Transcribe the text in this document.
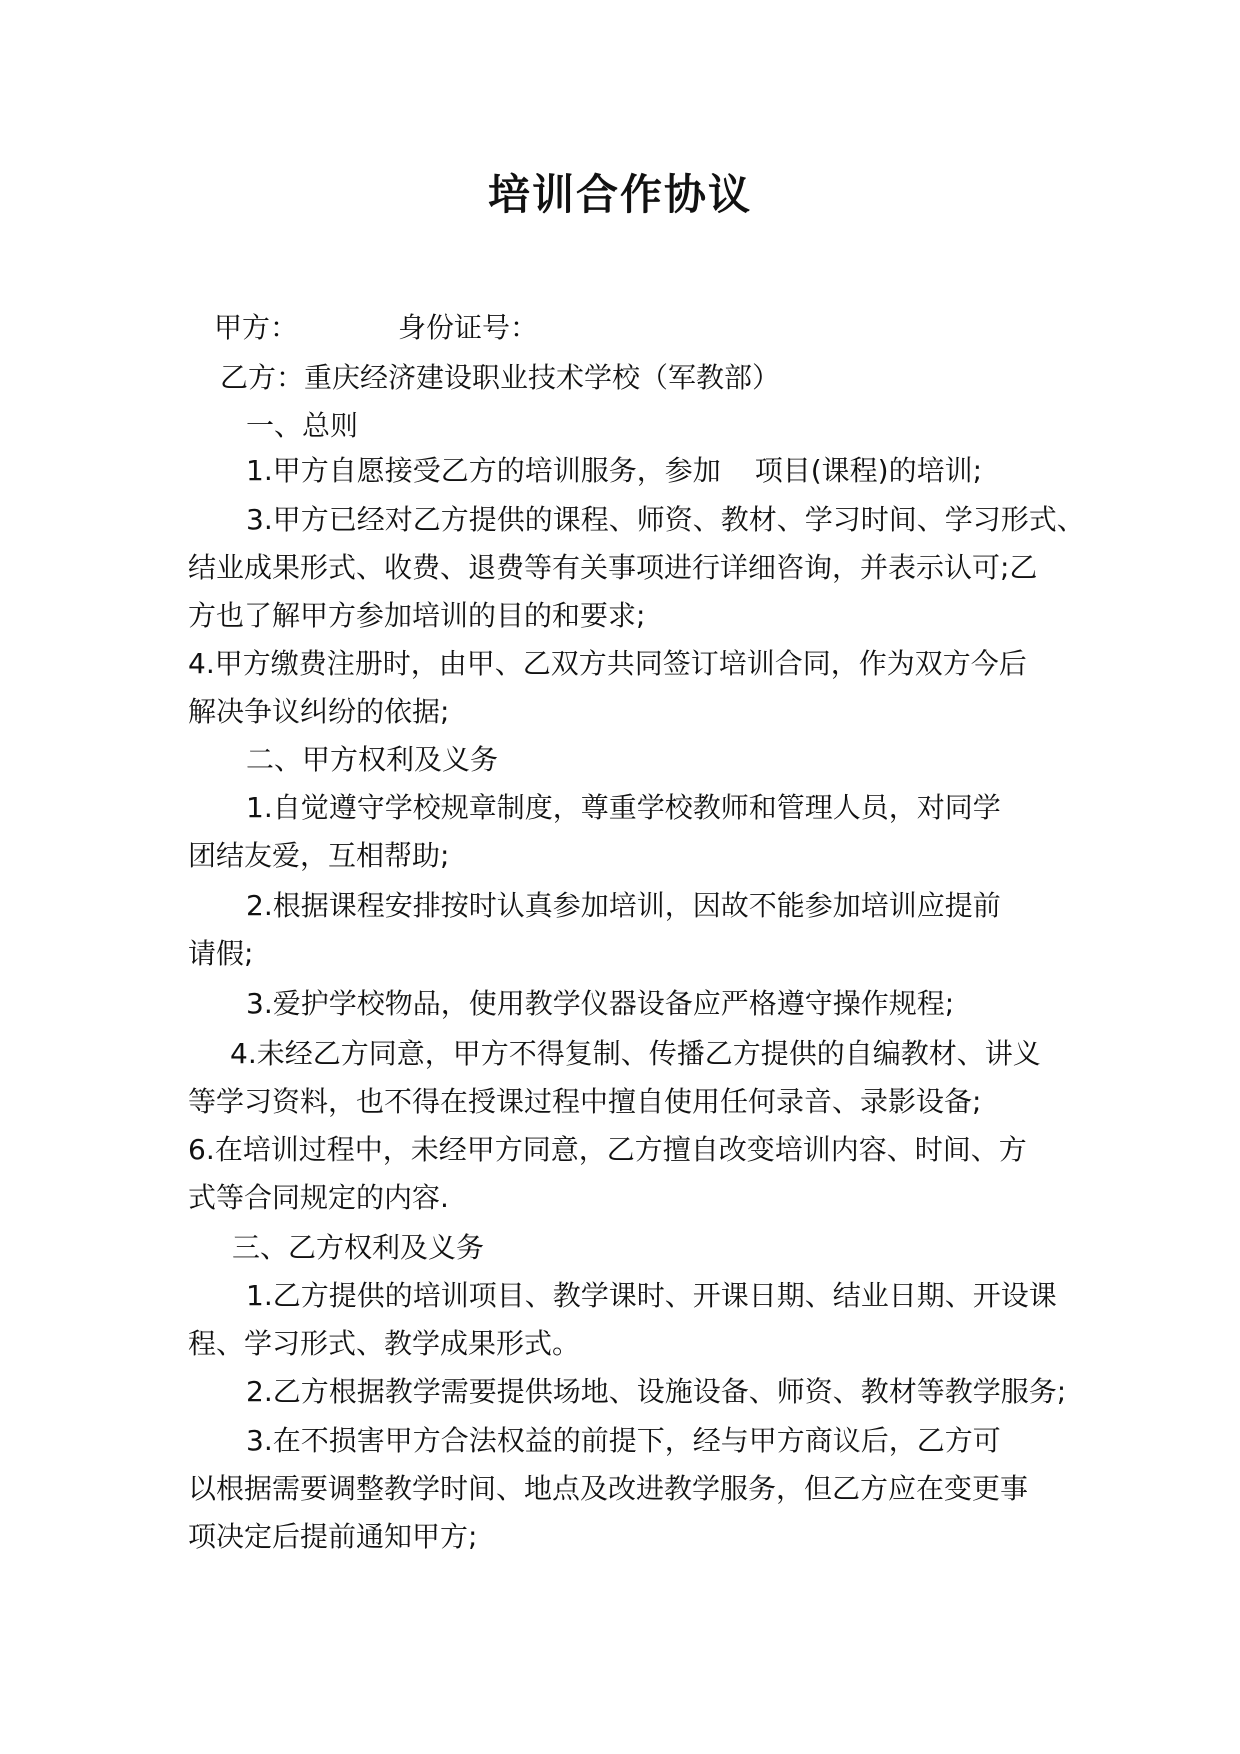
培训合作协议
甲方：	身份证号：
乙方：重庆经济建设职业技术学校（军教部）
一、总则
1.甲方自愿接受乙方的培训服务，参加 项目(课程)的培训;
3.甲方已经对乙方提供的课程、师资、教材、学习时间、学习形式、
结业成果形式、收费、退费等有关事项进行详细咨询，并表示认可;乙
方也了解甲方参加培训的目的和要求;
4.甲方缴费注册时，由甲、乙双方共同签订培训合同，作为双方今后
解决争议纠纷的依据;
二、甲方权利及义务
1.自觉遵守学校规章制度，尊重学校教师和管理人员，对同学
团结友爱，互相帮助;
2.根据课程安排按时认真参加培训，因故不能参加培训应提前
请假;
3.爱护学校物品，使用教学仪器设备应严格遵守操作规程;
4.未经乙方同意，甲方不得复制、传播乙方提供的自编教材、讲义
等学习资料，也不得在授课过程中擅自使用任何录音、录影设备;
6.在培训过程中，未经甲方同意，乙方擅自改变培训内容、时间、方
式等合同规定的内容.
三、乙方权利及义务
1.乙方提供的培训项目、教学课时、开课日期、结业日期、开设课
程、学习形式、教学成果形式。
2.乙方根据教学需要提供场地、设施设备、师资、教材等教学服务;
3.在不损害甲方合法权益的前提下，经与甲方商议后，乙方可
以根据需要调整教学时间、地点及改进教学服务，但乙方应在变更事
项决定后提前通知甲方;
